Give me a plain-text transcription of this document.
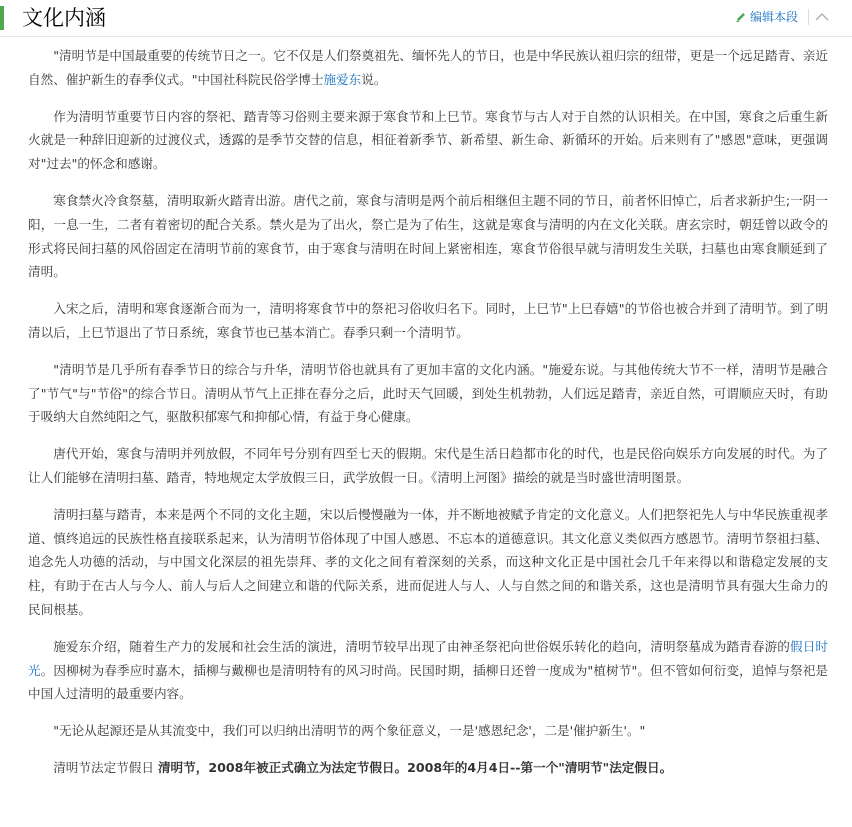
文化内涵	编辑本段

"清明节是中国最重要的传统节日之一。它不仅是人们祭奠祖先、缅怀先人的节日，也是中华民族认祖归宗的纽带，更是一个远足踏青、亲近自然、催护新生的春季仪式。"中国社科院民俗学博士施爱东说。

作为清明节重要节日内容的祭祀、踏青等习俗则主要来源于寒食节和上巳节。寒食节与古人对于自然的认识相关。在中国，寒食之后重生新火就是一种辞旧迎新的过渡仪式，透露的是季节交替的信息，相征着新季节、新希望、新生命、新循环的开始。后来则有了"感恩"意味，更强调对"过去"的怀念和感谢。

寒食禁火冷食祭墓，清明取新火踏青出游。唐代之前，寒食与清明是两个前后相继但主题不同的节日，前者怀旧悼亡，后者求新护生;一阴一阳，一息一生，二者有着密切的配合关系。禁火是为了出火，祭亡是为了佑生，这就是寒食与清明的内在文化关联。唐玄宗时，朝廷曾以政令的形式将民间扫墓的风俗固定在清明节前的寒食节，由于寒食与清明在时间上紧密相连，寒食节俗很早就与清明发生关联，扫墓也由寒食顺延到了清明。

入宋之后，清明和寒食逐渐合而为一，清明将寒食节中的祭祀习俗收归名下。同时，上巳节"上巳春嬉"的节俗也被合并到了清明节。到了明清以后，上巳节退出了节日系统，寒食节也已基本消亡。春季只剩一个清明节。

"清明节是几乎所有春季节日的综合与升华，清明节俗也就具有了更加丰富的文化内涵。"施爱东说。与其他传统大节不一样，清明节是融合了"节气"与"节俗"的综合节日。清明从节气上正排在春分之后，此时天气回暖，到处生机勃勃，人们远足踏青，亲近自然，可谓顺应天时，有助于吸纳大自然纯阳之气，驱散积郁寒气和抑郁心情，有益于身心健康。

唐代开始，寒食与清明并列放假，不同年号分别有四至七天的假期。宋代是生活日趋都市化的时代，也是民俗向娱乐方向发展的时代。为了让人们能够在清明扫墓、踏青，特地规定太学放假三日，武学放假一日。《清明上河图》描绘的就是当时盛世清明图景。

清明扫墓与踏青，本来是两个不同的文化主题，宋以后慢慢融为一体，并不断地被赋予肯定的文化意义。人们把祭祀先人与中华民族重视孝道、慎终追远的民族性格直接联系起来，认为清明节俗体现了中国人感恩、不忘本的道德意识。其文化意义类似西方感恩节。清明节祭祖扫墓、追念先人功德的活动，与中国文化深层的祖先崇拜、孝的文化之间有着深刻的关系，而这种文化正是中国社会几千年来得以和谐稳定发展的支柱，有助于在古人与今人、前人与后人之间建立和谐的代际关系，进而促进人与人、人与自然之间的和谐关系，这也是清明节具有强大生命力的民间根基。

施爱东介绍，随着生产力的发展和社会生活的演进，清明节较早出现了由神圣祭祀向世俗娱乐转化的趋向，清明祭墓成为踏青春游的假日时光。因柳树为春季应时嘉木，插柳与戴柳也是清明特有的风习时尚。民国时期，插柳日还曾一度成为"植树节"。但不管如何衍变，追悼与祭祀是中国人过清明的最重要内容。

"无论从起源还是从其流变中，我们可以归纳出清明节的两个象征意义，一是'感恩纪念'，二是'催护新生'。"

清明节法定节假日 清明节，2008年被正式确立为法定节假日。2008年的4月4日--第一个"清明节"法定假日。
